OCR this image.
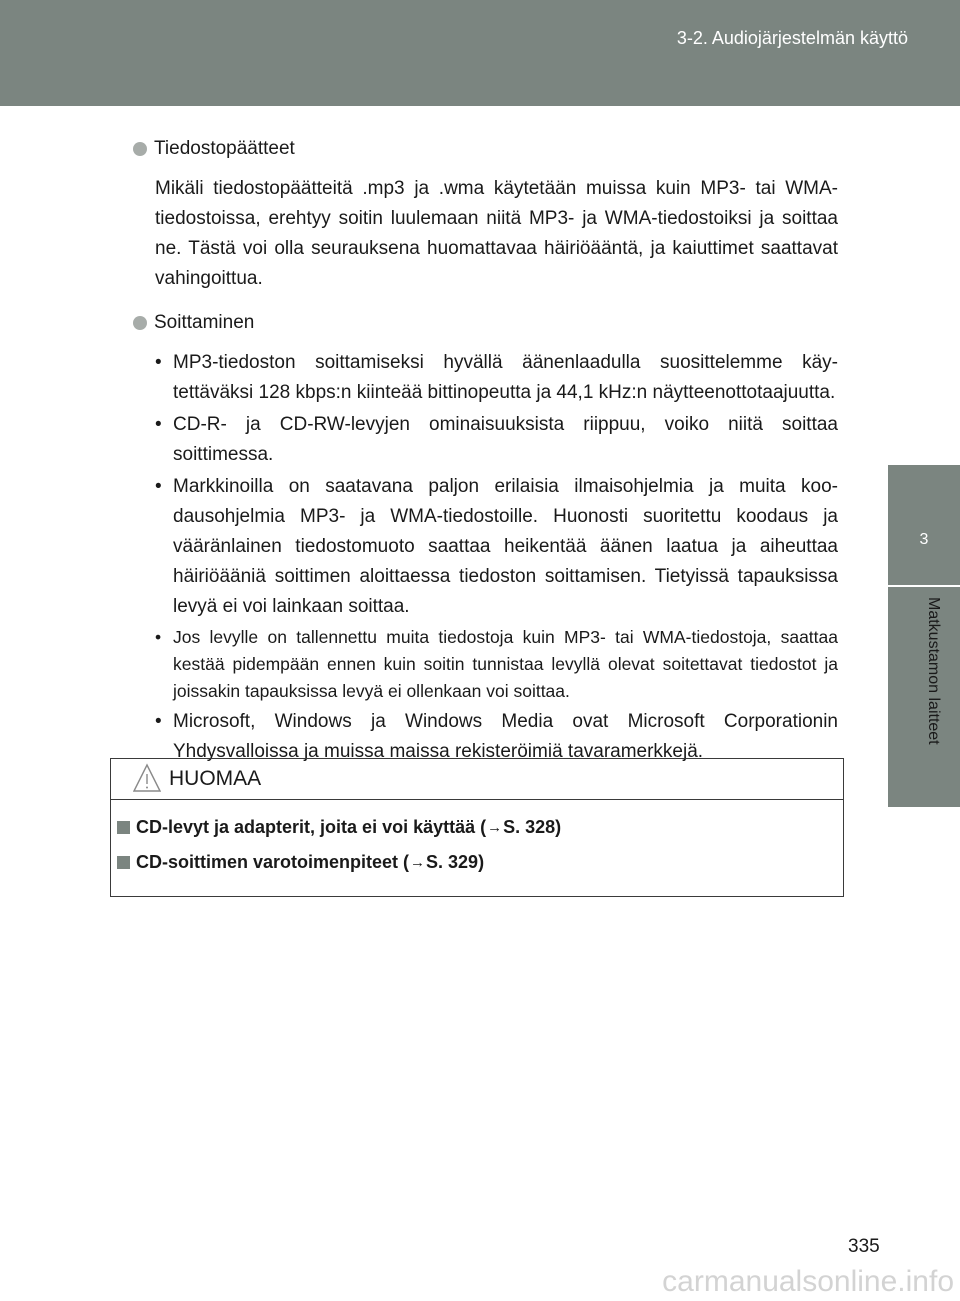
3-2. Audiojärjestelmän käyttö
3
Matkustamon laitteet
Tiedostopäätteet

Mikäli tiedostopäätteitä .mp3 ja .wma käytetään muissa kuin MP3- tai WMA-tiedostoissa, erehtyy soitin luulemaan niitä MP3- ja WMA-tiedostoiksi ja soittaa ne. Tästä voi olla seurauksena huomattavaa häiriöääntä, ja kaiuttimet saattavat vahingoittua.

Soittaminen
• MP3-tiedoston soittamiseksi hyvällä äänenlaadulla suosittelemme käytettäväksi 128 kbps:n kiinteää bittinopeutta ja 44,1 kHz:n näytteenottotaajuutta.
• CD-R- ja CD-RW-levyjen ominaisuuksista riippuu, voiko niitä soittaa soittimessa.
• Markkinoilla on saatavana paljon erilaisia ilmaisohjelmia ja muita koodausohjelmia MP3- ja WMA-tiedostoille. Huonosti suoritettu koodaus ja vääränlainen tiedostomuoto saattaa heikentää äänen laatua ja aiheuttaa häiriöääniä soittimen aloittaessa tiedoston soittamisen. Tietyissä tapauksissa levyä ei voi lainkaan soittaa.
• Jos levylle on tallennettu muita tiedostoja kuin MP3- tai WMA-tiedostoja, saattaa kestää pidempään ennen kuin soitin tunnistaa levyllä olevat soitettavat tiedostot ja joissakin tapauksissa levyä ei ollenkaan voi soittaa.
• Microsoft, Windows ja Windows Media ovat Microsoft Corporationin Yhdysvalloissa ja muissa maissa rekisteröimiä tavaramerkkejä.
HUOMAA
CD-levyt ja adapterit, joita ei voi käyttää ( → S. 328)
CD-soittimen varotoimenpiteet ( → S. 329)
335
carmanualsonline.info
